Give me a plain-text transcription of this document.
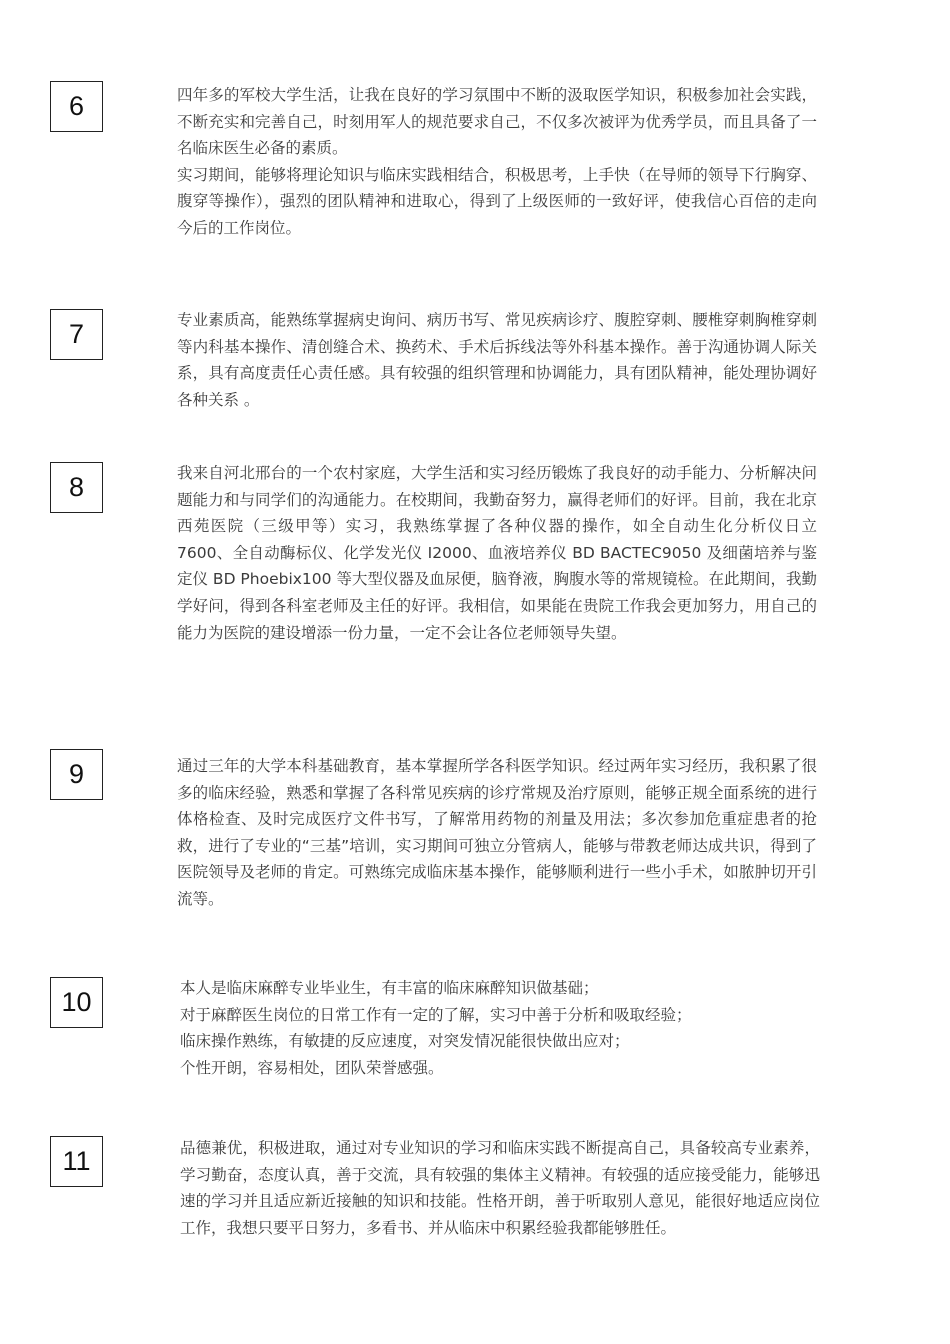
6	四年多的军校大学生活，让我在良好的学习氛围中不断的汲取医学知识，积极参加社会实践，不断充实和完善自己，时刻用军人的规范要求自己，不仅多次被评为优秀学员，而且具备了一名临床医生必备的素质。

实习期间，能够将理论知识与临床实践相结合，积极思考，上手快（在导师的领导下行胸穿、腹穿等操作），强烈的团队精神和进取心，得到了上级医师的一致好评，使我信心百倍的走向今后的工作岗位。

7	专业素质高，能熟练掌握病史询问、病历书写、常见疾病诊疗、腹腔穿刺、腰椎穿刺胸椎穿刺等内科基本操作、清创缝合术、换药术、手术后拆线法等外科基本操作。善于沟通协调人际关系，具有高度责任心责任感。具有较强的组织管理和协调能力，具有团队精神，能处理协调好各种关系 。

8	我来自河北邢台的一个农村家庭，大学生活和实习经历锻炼了我良好的动手能力、分析解决问题能力和与同学们的沟通能力。在校期间，我勤奋努力，赢得老师们的好评。目前，我在北京西苑医院（三级甲等）实习，我熟练掌握了各种仪器的操作，如全自动生化分析仪日立 7600、全自动酶标仪、化学发光仪 I2000、血液培养仪 BD BACTEC9050 及细菌培养与鉴定仪 BD Phoebix100 等大型仪器及血尿便，脑脊液，胸腹水等的常规镜检。在此期间，我勤学好问，得到各科室老师及主任的好评。我相信，如果能在贵院工作我会更加努力，用自己的能力为医院的建设增添一份力量，一定不会让各位老师领导失望。

9	通过三年的大学本科基础教育，基本掌握所学各科医学知识。经过两年实习经历，我积累了很多的临床经验，熟悉和掌握了各科常见疾病的诊疗常规及治疗原则，能够正规全面系统的进行体格检查、及时完成医疗文件书写，了解常用药物的剂量及用法；多次参加危重症患者的抢救，进行了专业的“三基”培训，实习期间可独立分管病人，能够与带教老师达成共识，得到了医院领导及老师的肯定。可熟练完成临床基本操作，能够顺利进行一些小手术，如脓肿切开引流等。

10	本人是临床麻醉专业毕业生，有丰富的临床麻醉知识做基础；

对于麻醉医生岗位的日常工作有一定的了解，实习中善于分析和吸取经验；

临床操作熟练，有敏捷的反应速度，对突发情况能很快做出应对；

个性开朗，容易相处，团队荣誉感强。

11	品德兼优，积极进取，通过对专业知识的学习和临床实践不断提高自己，具备较高专业素养，学习勤奋，态度认真，善于交流，具有较强的集体主义精神。有较强的适应接受能力，能够迅速的学习并且适应新近接触的知识和技能。性格开朗，善于听取别人意见，能很好地适应岗位工作，我想只要平日努力，多看书、并从临床中积累经验我都能够胜任。
